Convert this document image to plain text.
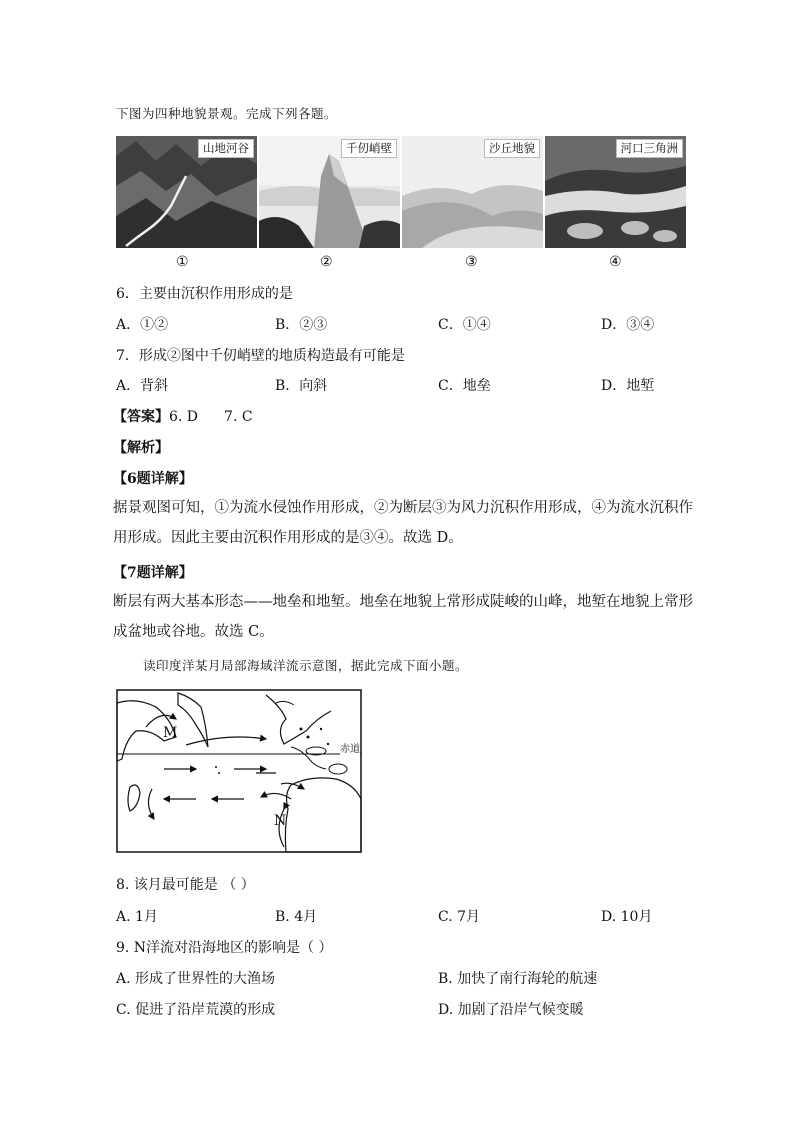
下图为四种地貌景观。完成下列各题。
山地河谷	千仞峭壁	沙丘地貌	河口三角洲
①	②	③	④
6．主要由沉积作用形成的是
A．①②	B．②③	C．①④	D．③④
7．形成②图中千仞峭壁的地质构造最有可能是
A．背斜	B．向斜	C．地垒	D．地堑
【答案】6. D 7. C
【解析】
【6题详解】
据景观图可知，①为流水侵蚀作用形成，②为断层③为风力沉积作用形成，④为流水沉积作
用形成。因此主要由沉积作用形成的是③④。故选 D。
【7题详解】
断层有两大基本形态——地垒和地堑。地垒在地貌上常形成陡峻的山峰，地堑在地貌上常形
成盆地或谷地。故选 C。
读印度洋某月局部海域洋流示意图，据此完成下面小题。
M
N
赤道
8. 该月最可能是 （ ）
A. 1月	B. 4月	C. 7月	D. 10月
9. N洋流对沿海地区的影响是（ ）
A. 形成了世界性的大渔场	B. 加快了南行海轮的航速
C. 促进了沿岸荒漠的形成	D. 加剧了沿岸气候变暖
